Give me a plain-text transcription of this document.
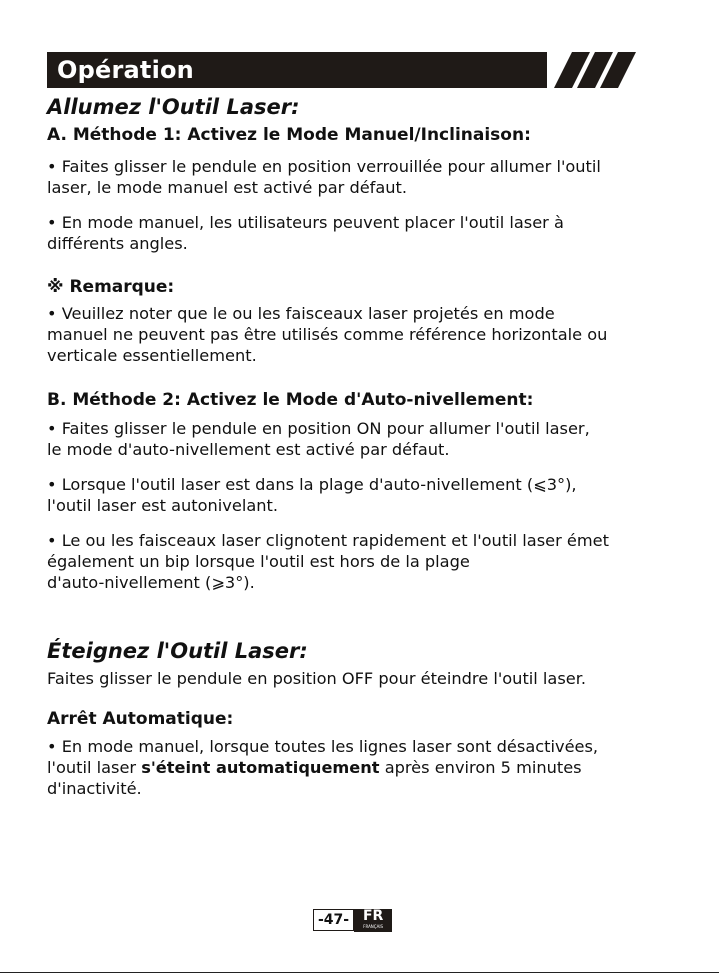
Opération
Allumez l'Outil Laser:
A. Méthode 1: Activez le Mode Manuel/Inclinaison:
• Faites glisser le pendule en position verrouillée pour allumer l'outil
laser, le mode manuel est activé par défaut.
• En mode manuel, les utilisateurs peuvent placer l'outil laser à
différents angles.
※ Remarque:
• Veuillez noter que le ou les faisceaux laser projetés en mode
manuel ne peuvent pas être utilisés comme référence horizontale ou
verticale essentiellement.
B. Méthode 2: Activez le Mode d'Auto-nivellement:
• Faites glisser le pendule en position ON pour allumer l'outil laser,
le mode d'auto-nivellement est activé par défaut.
• Lorsque l'outil laser est dans la plage d'auto-nivellement (⩽3°),
l'outil laser est autonivelant.
• Le ou les faisceaux laser clignotent rapidement et l'outil laser émet
également un bip lorsque l'outil est hors de la plage
d'auto-nivellement (⩾3°).
Éteignez l'Outil Laser:
Faites glisser le pendule en position OFF pour éteindre l'outil laser.
Arrêt Automatique:
• En mode manuel, lorsque toutes les lignes laser sont désactivées,
l'outil laser s'éteint automatiquement après environ 5 minutes
d'inactivité.
-47- FR
FRANÇAIS
